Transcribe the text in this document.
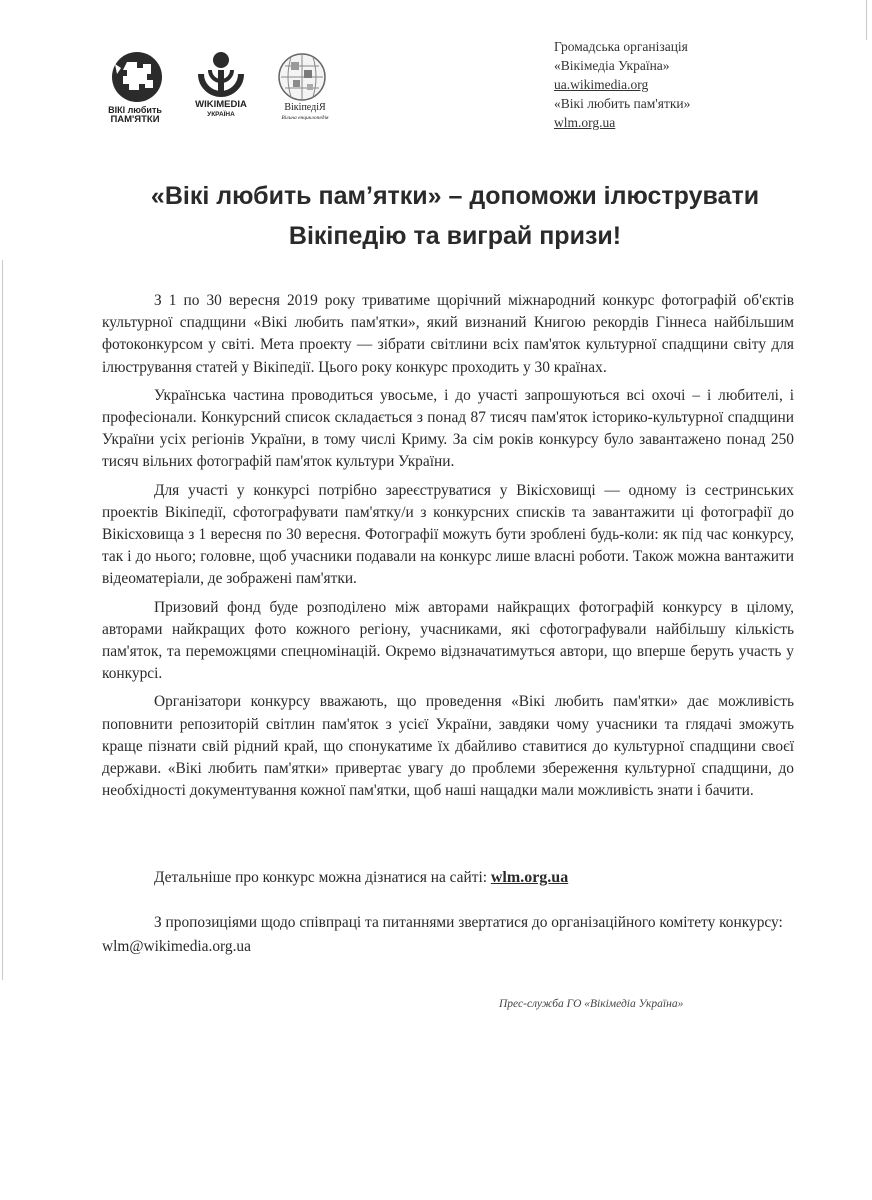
ВІКІ любить
ПАМ'ЯТКИ
WIKIMEDIA
УКРАЇНА
ВікіпедіЯ
Вільна енциклопедія
Громадська організація
«Вікімедіа Україна»
ua.wikimedia.org
«Вікі любить пам'ятки»
wlm.org.ua
«Вікі любить пам’ятки» – допоможи ілюструвати
Вікіпедію та виграй призи!

З 1 по 30 вересня 2019 року триватиме щорічний міжнародний конкурс фотографій об'єктів культурної спадщини «Вікі любить пам'ятки», який визнаний Книгою рекордів Гіннеса найбільшим фотоконкурсом у світі. Мета проекту — зібрати світлини всіх пам'яток культурної спадщини світу для ілюстрування статей у Вікіпедії. Цього року конкурс проходить у 30 країнах.

Українська частина проводиться увосьме, і до участі запрошуються всі охочі – і любителі, і професіонали. Конкурсний список складається з понад 87 тисяч пам'яток історико-культурної спадщини України усіх регіонів України, в тому числі Криму. За сім років конкурсу було завантажено понад 250 тисяч вільних фотографій пам'яток культури України.

Для участі у конкурсі потрібно зареєструватися у Вікісховищі — одному із сестринських проектів Вікіпедії, сфотографувати пам'ятку/и з конкурсних списків та завантажити ці фотографії до Вікісховища з 1 вересня по 30 вересня. Фотографії можуть бути зроблені будь-коли: як під час конкурсу, так і до нього; головне, щоб учасники подавали на конкурс лише власні роботи. Також можна вантажити відеоматеріали, де зображені пам'ятки.

Призовий фонд буде розподілено між авторами найкращих фотографій конкурсу в цілому, авторами найкращих фото кожного регіону, учасниками, які сфотографували найбільшу кількість пам'яток, та переможцями спецномінацій. Окремо відзначатимуться автори, що вперше беруть участь у конкурсі.

Організатори конкурсу вважають, що проведення «Вікі любить пам'ятки» дає можливість поповнити репозиторій світлин пам'яток з усієї України, завдяки чому учасники та глядачі зможуть краще пізнати свій рідний край, що спонукатиме їх дбайливо ставитися до культурної спадщини своєї держави. «Вікі любить пам'ятки» привертає увагу до проблеми збереження культурної спадщини, до необхідності документування кожної пам'ятки, щоб наші нащадки мали можливість знати і бачити.

Детальніше про конкурс можна дізнатися на сайті: wlm.org.ua
З пропозиціями щодо співпраці та питаннями звертатися до організаційного комітету конкурсу: wlm@wikimedia.org.ua
Прес-служба ГО «Вікімедіа Україна»
